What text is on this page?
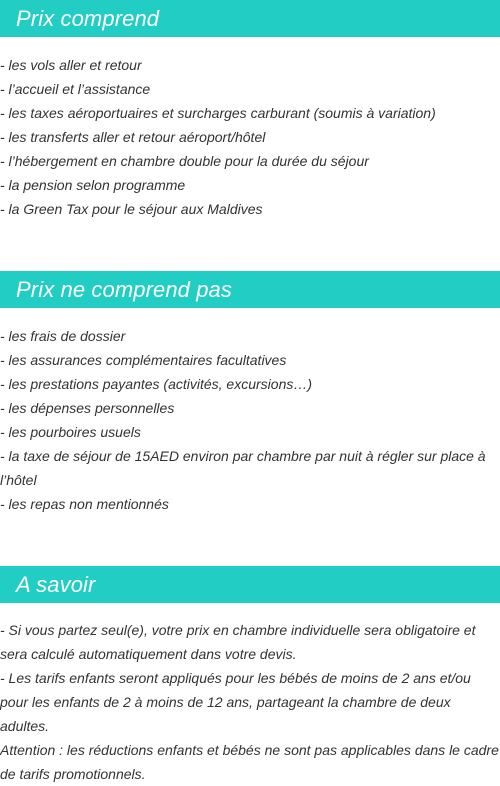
Prix comprend
- les vols aller et retour
- l’accueil et l’assistance
- les taxes aéroportuaires et surcharges carburant (soumis à variation)
- les transferts aller et retour aéroport/hôtel
- l’hébergement en chambre double pour la durée du séjour
- la pension selon programme
- la Green Tax pour le séjour aux Maldives
Prix ne comprend pas
- les frais de dossier
- les assurances complémentaires facultatives
- les prestations payantes (activités, excursions…)
- les dépenses personnelles
- les pourboires usuels
- la taxe de séjour de 15AED environ par chambre par nuit à régler sur place à l’hôtel
- les repas non mentionnés
A savoir
- Si vous partez seul(e), votre prix en chambre individuelle sera obligatoire et sera calculé automatiquement dans votre devis.
- Les tarifs enfants seront appliqués pour les bébés de moins de 2 ans et/ou pour les enfants de 2 à moins de 12 ans, partageant la chambre de deux adultes.
Attention : les réductions enfants et bébés ne sont pas applicables dans le cadre de tarifs promotionnels.
